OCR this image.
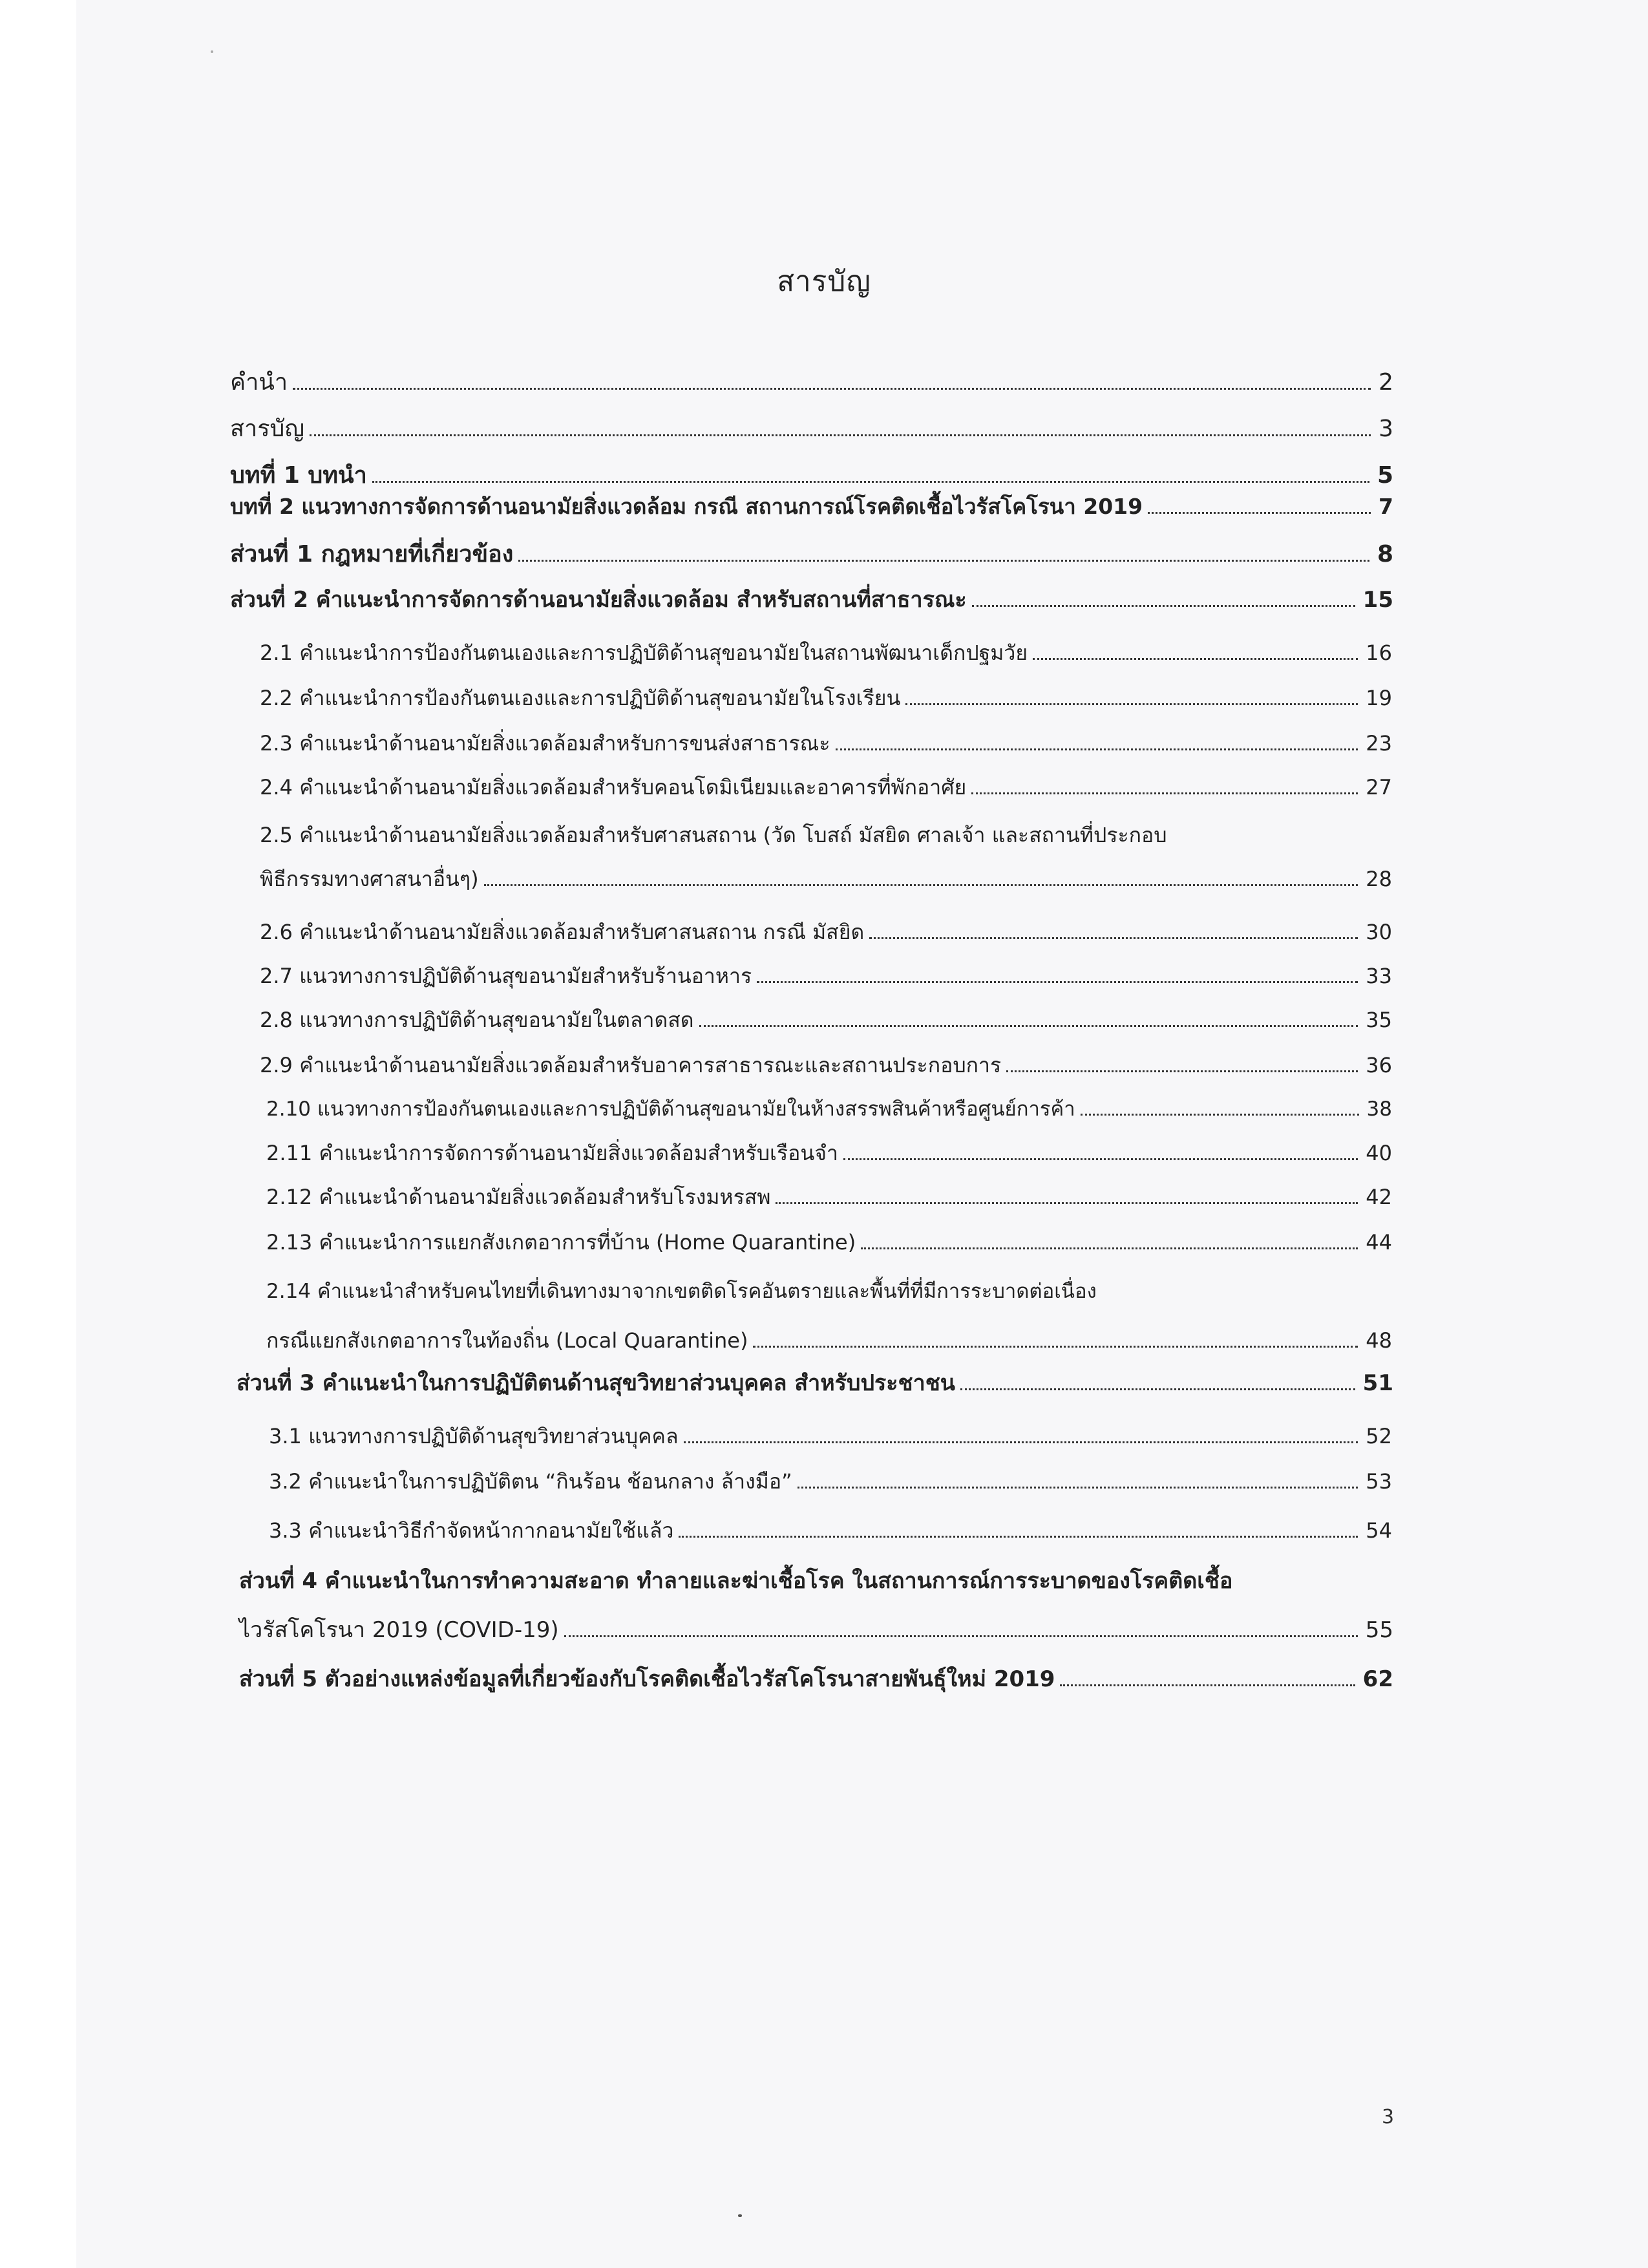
สารบัญ
คำนำ	2
สารบัญ	3
บทที่ 1 บทนำ	5
บทที่ 2 แนวทางการจัดการด้านอนามัยสิ่งแวดล้อม กรณี สถานการณ์โรคติดเชื้อไวรัสโคโรนา 2019	7
ส่วนที่ 1 กฎหมายที่เกี่ยวข้อง	8
ส่วนที่ 2 คำแนะนำการจัดการด้านอนามัยสิ่งแวดล้อม สำหรับสถานที่สาธารณะ	15
2.1 คำแนะนำการป้องกันตนเองและการปฏิบัติด้านสุขอนามัยในสถานพัฒนาเด็กปฐมวัย	16
2.2 คำแนะนำการป้องกันตนเองและการปฏิบัติด้านสุขอนามัยในโรงเรียน	19
2.3 คำแนะนำด้านอนามัยสิ่งแวดล้อมสำหรับการขนส่งสาธารณะ	23
2.4 คำแนะนำด้านอนามัยสิ่งแวดล้อมสำหรับคอนโดมิเนียมและอาคารที่พักอาศัย	27
2.5 คำแนะนำด้านอนามัยสิ่งแวดล้อมสำหรับศาสนสถาน (วัด โบสถ์ มัสยิด ศาลเจ้า และสถานที่ประกอบ
พิธีกรรมทางศาสนาอื่นๆ)	28
2.6 คำแนะนำด้านอนามัยสิ่งแวดล้อมสำหรับศาสนสถาน กรณี มัสยิด	30
2.7 แนวทางการปฏิบัติด้านสุขอนามัยสำหรับร้านอาหาร	33
2.8 แนวทางการปฏิบัติด้านสุขอนามัยในตลาดสด	35
2.9 คำแนะนำด้านอนามัยสิ่งแวดล้อมสำหรับอาคารสาธารณะและสถานประกอบการ	36
2.10 แนวทางการป้องกันตนเองและการปฏิบัติด้านสุขอนามัยในห้างสรรพสินค้าหรือศูนย์การค้า	38
2.11 คำแนะนำการจัดการด้านอนามัยสิ่งแวดล้อมสำหรับเรือนจำ	40
2.12 คำแนะนำด้านอนามัยสิ่งแวดล้อมสำหรับโรงมหรสพ	42
2.13 คำแนะนำการแยกสังเกตอาการที่บ้าน (Home Quarantine)	44
2.14 คำแนะนำสำหรับคนไทยที่เดินทางมาจากเขตติดโรคอันตรายและพื้นที่ที่มีการระบาดต่อเนื่อง
กรณีแยกสังเกตอาการในท้องถิ่น (Local Quarantine)	48
ส่วนที่ 3 คำแนะนำในการปฏิบัติตนด้านสุขวิทยาส่วนบุคคล สำหรับประชาชน	51
3.1 แนวทางการปฏิบัติด้านสุขวิทยาส่วนบุคคล	52
3.2 คำแนะนำในการปฏิบัติตน “กินร้อน ช้อนกลาง ล้างมือ”	53
3.3 คำแนะนำวิธีกำจัดหน้ากากอนามัยใช้แล้ว	54
ส่วนที่ 4 คำแนะนำในการทำความสะอาด ทำลายและฆ่าเชื้อโรค ในสถานการณ์การระบาดของโรคติดเชื้อ
ไวรัสโคโรนา 2019 (COVID-19)	55
ส่วนที่ 5 ตัวอย่างแหล่งข้อมูลที่เกี่ยวข้องกับโรคติดเชื้อไวรัสโคโรนาสายพันธุ์ใหม่ 2019	62
3
